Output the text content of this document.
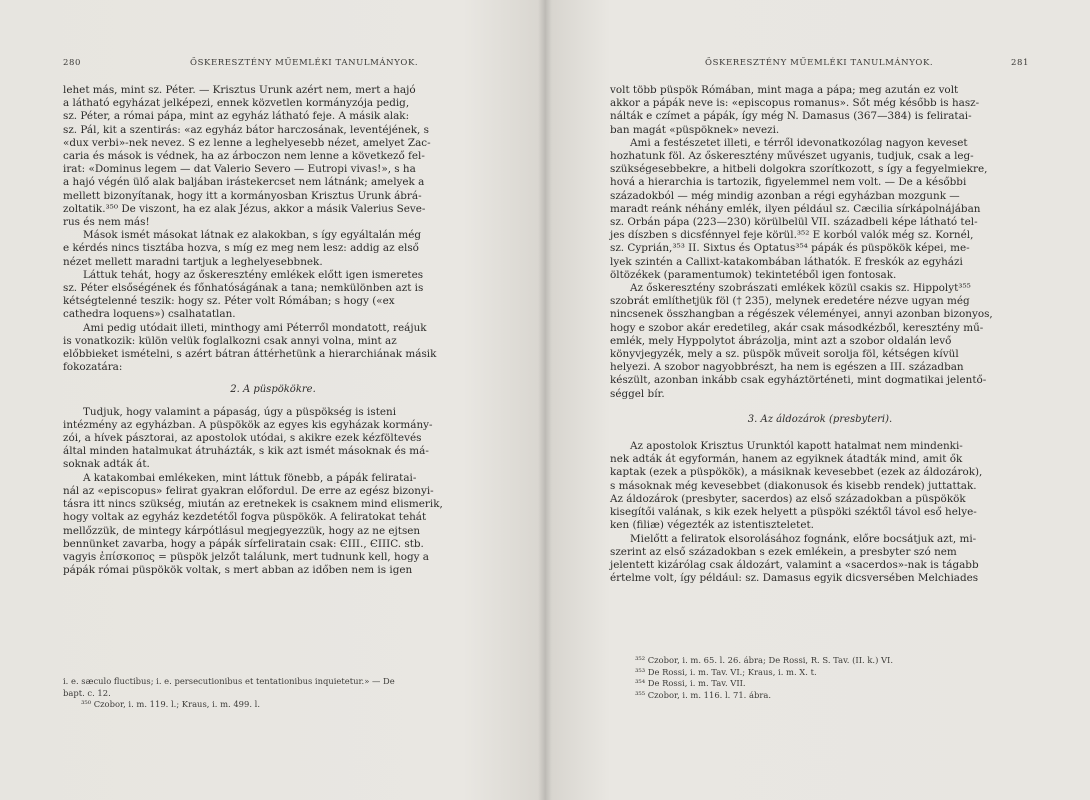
280	ŐSKERESZTÉNY MŰEMLÉKI TANULMÁNYOK.

lehet más, mint sz. Péter. — Krisztus Urunk azért nem, mert a hajó

a látható egyházat jelképezi, ennek közvetlen kormányzója pedig,

sz. Péter, a római pápa, mint az egyház látható feje. A másik alak:

sz. Pál, kit a szentirás: «az egyház bátor harczosának, leventéjének, s

«dux verbi»-nek nevez. S ez lenne a leghelyesebb nézet, amelyet Zac-

caria és mások is védnek, ha az árboczon nem lenne a következő fel-

irat: «Dominus legem — dat Valerio Severo — Eutropi vivas!», s ha

a hajó végén ülő alak baljában irástekercset nem látnánk; amelyek a

mellett bizonyítanak, hogy itt a kormányosban Krisztus Urunk ábrá-

zoltatik.³⁵⁰ De viszont, ha ez alak Jézus, akkor a másik Valerius Seve-

rus és nem más!

Mások ismét másokat látnak ez alakokban, s így egyáltalán még

e kérdés nincs tisztába hozva, s míg ez meg nem lesz: addig az első

nézet mellett maradni tartjuk a leghelyesebbnek.

Láttuk tehát, hogy az őskeresztény emlékek előtt igen ismeretes

sz. Péter elsőségének és főnhatóságának a tana; nemkülönben azt is

kétségtelenné teszik: hogy sz. Péter volt Rómában; s hogy («ex

cathedra loquens») csalhatatlan.

Ami pedig utódait illeti, minthogy ami Péterről mondatott, reájuk

is vonatkozik: külön velük foglalkozni csak annyi volna, mint az

előbbieket ismételni, s azért bátran áttérhetünk a hierarchiának másik

fokozatára:

2. A püspökökre.

Tudjuk, hogy valamint a pápaság, úgy a püspökség is isteni

intézmény az egyházban. A püspökök az egyes kis egyházak kormány-

zói, a hívek pásztorai, az apostolok utódai, s akikre ezek kézföltevés

által minden hatalmukat átruházták, s kik azt ismét másoknak és má-

soknak adták át.

A katakombai emlékeken, mint láttuk fönebb, a pápák feliratai-

nál az «episcopus» felirat gyakran előfordul. De erre az egész bizonyi-

tásra itt nincs szükség, miután az eretnekek is csaknem mind elismerik,

hogy voltak az egyház kezdetétől fogva püspökök. A feliratokat tehát

mellőzzük, de mintegy kárpótlásul megjegyezzük, hogy az ne ejtsen

bennünket zavarba, hogy a pápák sírfeliratain csak: ЄIII., ЄIIIC. stb.

vagyis ἐπίσκοπος = püspök jelzőt találunk, mert tudnunk kell, hogy a

pápák római püspökök voltak, s mert abban az időben nem is igen

i. e. sæculo fluctibus; i. e. persecutionibus et tentationibus inquietetur.» — De

bapt. c. 12.

³⁵⁰ Czobor, i. m. 119. l.; Kraus, i. m. 499. l.

ŐSKERESZTÉNY MŰEMLÉKI TANULMÁNYOK.	281

volt több püspök Rómában, mint maga a pápa; meg azután ez volt

akkor a pápák neve is: «episcopus romanus». Sőt még később is hasz-

nálták e czímet a pápák, így még N. Damasus (367—384) is feliratai-

ban magát «püspöknek» nevezi.

Ami a festészetet illeti, e térről idevonatkozólag nagyon keveset

hozhatunk föl. Az őskeresztény művészet ugyanis, tudjuk, csak a leg-

szükségesebbekre, a hitbeli dolgokra szorítkozott, s így a fegyelmiekre,

hová a hierarchia is tartozik, figyelemmel nem volt. — De a későbbi

századokból — még mindig azonban a régi egyházban mozgunk —

maradt reánk néhány emlék, ilyen például sz. Cæcilia sírkápolnájában

sz. Orbán pápa (223—230) körülbelül VII. századbeli képe látható tel-

jes díszben s dicsfénnyel feje körül.³⁵² E korból valók még sz. Kornél,

sz. Cyprián,³⁵³ II. Sixtus és Optatus³⁵⁴ pápák és püspökök képei, me-

lyek szintén a Callixt-katakombában láthatók. E freskók az egyházi

öltözékek (paramentumok) tekintetéből igen fontosak.

Az őskeresztény szobrászati emlékek közül csakis sz. Hippolyt³⁵⁵

szobrát említhetjük föl († 235), melynek eredetére nézve ugyan még

nincsenek összhangban a régészek véleményei, annyi azonban bizonyos,

hogy e szobor akár eredetileg, akár csak másodkézből, keresztény mű-

emlék, mely Hyppolytot ábrázolja, mint azt a szobor oldalán levő

könyvjegyzék, mely a sz. püspök műveit sorolja föl, kétségen kívül

helyezi. A szobor nagyobbrészt, ha nem is egészen a III. században

készült, azonban inkább csak egyháztörténeti, mint dogmatikai jelentő-

séggel bír.

3. Az áldozárok (presbyteri).

Az apostolok Krisztus Urunktól kapott hatalmat nem mindenki-

nek adták át egyformán, hanem az egyiknek átadták mind, amit ők

kaptak (ezek a püspökök), a másiknak kevesebbet (ezek az áldozárok),

s másoknak még kevesebbet (diakonusok és kisebb rendek) juttattak.

Az áldozárok (presbyter, sacerdos) az első századokban a püspökök

kisegítői valának, s kik ezek helyett a püspöki széktől távol eső helye-

ken (filiæ) végezték az istentiszteletet.

Mielőtt a feliratok elsorolásához fognánk, előre bocsátjuk azt, mi-

szerint az első századokban s ezek emlékein, a presbyter szó nem

jelentett kizárólag csak áldozárt, valamint a «sacerdos»-nak is tágabb

értelme volt, így például: sz. Damasus egyik dicsversében Melchiades

³⁵² Czobor, i. m. 65. l. 26. ábra; De Rossi, R. S. Tav. (II. k.) VI.

³⁵³ De Rossi, i. m. Tav. VI.; Kraus, i. m. X. t.

³⁵⁴ De Rossi, i. m. Tav. VII.

³⁵⁵ Czobor, i. m. 116. l. 71. ábra.
